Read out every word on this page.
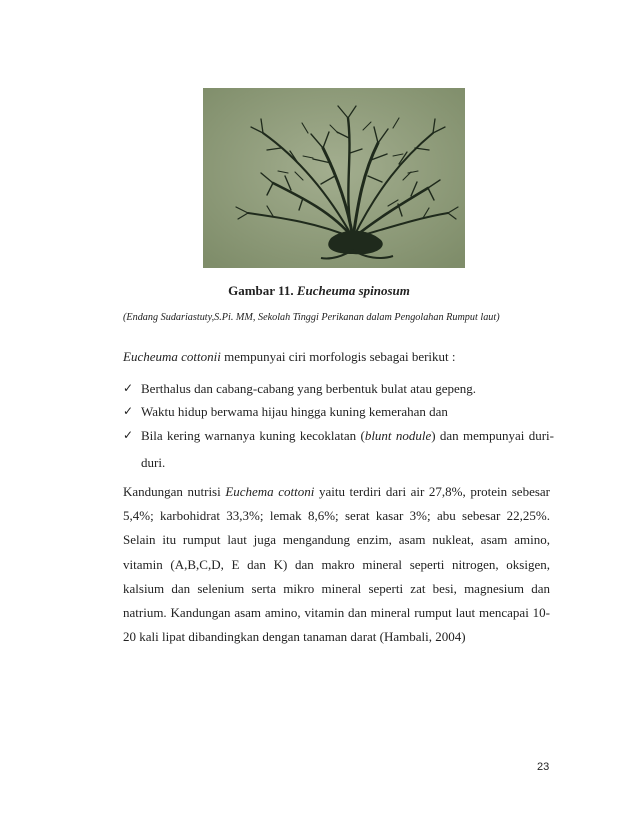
Gambar 11. Eucheuma spinosum
(Endang Sudariastuty,S.Pi. MM, Sekolah Tinggi Perikanan dalam Pengolahan Rumput laut)
Eucheuma cottonii mempunyai ciri morfologis sebagai berikut :
✓ Berthalus dan cabang-cabang yang berbentuk bulat atau gepeng.
✓ Waktu hidup berwama hijau hingga kuning kemerahan dan
✓ Bila kering warnanya kuning kecoklatan (blunt nodule) dan mempunyai duri-duri.

Kandungan nutrisi Euchema cottoni yaitu terdiri dari air 27,8%, protein sebesar 5,4%; karbohidrat 33,3%; lemak 8,6%; serat kasar 3%; abu sebesar 22,25%. Selain itu rumput laut juga mengandung enzim, asam nukleat, asam amino, vitamin (A,B,C,D, E dan K) dan makro mineral seperti nitrogen, oksigen, kalsium dan selenium serta mikro mineral seperti zat besi, magnesium dan natrium. Kandungan asam amino, vitamin dan mineral rumput laut mencapai 10-20 kali lipat dibandingkan dengan tanaman darat (Hambali, 2004)

23
